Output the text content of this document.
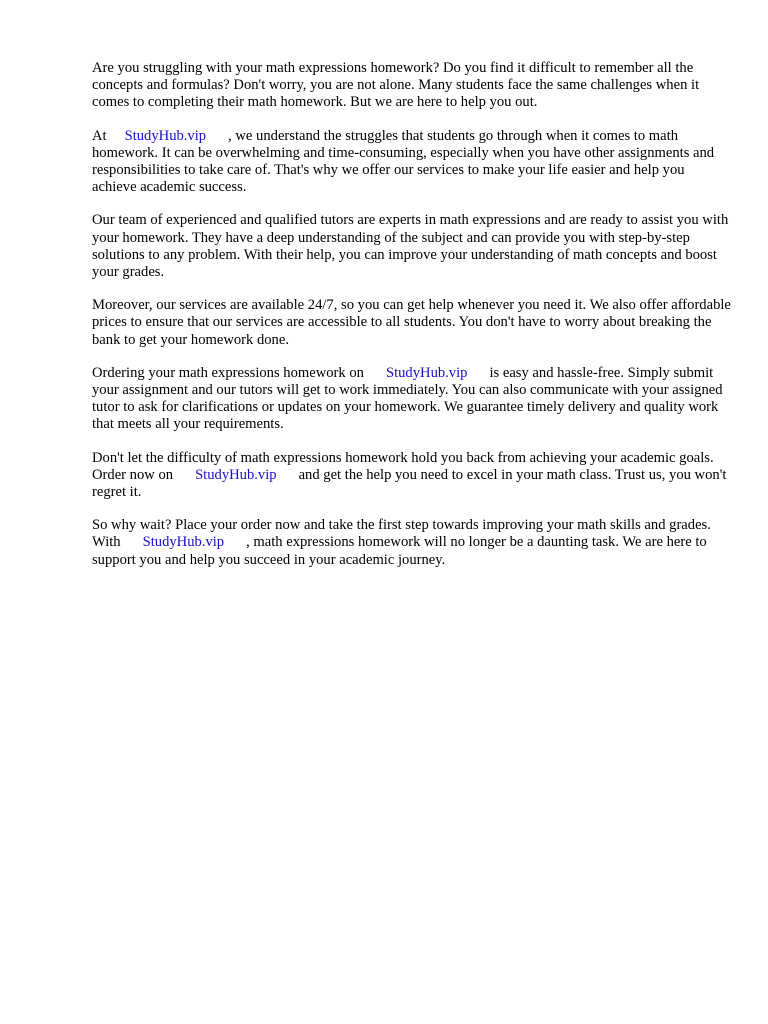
Are you struggling with your math expressions homework? Do you find it difficult to remember all the concepts and formulas? Don't worry, you are not alone. Many students face the same challenges when it comes to completing their math homework. But we are here to help you out.

At StudyHub.vip , we understand the struggles that students go through when it comes to math homework. It can be overwhelming and time-consuming, especially when you have other assignments and responsibilities to take care of. That's why we offer our services to make your life easier and help you achieve academic success.

Our team of experienced and qualified tutors are experts in math expressions and are ready to assist you with your homework. They have a deep understanding of the subject and can provide you with step-by-step solutions to any problem. With their help, you can improve your understanding of math concepts and boost your grades.

Moreover, our services are available 24/7, so you can get help whenever you need it. We also offer affordable prices to ensure that our services are accessible to all students. You don't have to worry about breaking the bank to get your homework done.

Ordering your math expressions homework on StudyHub.vip is easy and hassle-free. Simply submit your assignment and our tutors will get to work immediately. You can also communicate with your assigned tutor to ask for clarifications or updates on your homework. We guarantee timely delivery and quality work that meets all your requirements.

Don't let the difficulty of math expressions homework hold you back from achieving your academic goals. Order now on StudyHub.vip and get the help you need to excel in your math class. Trust us, you won't regret it.

So why wait? Place your order now and take the first step towards improving your math skills and grades. With StudyHub.vip , math expressions homework will no longer be a daunting task. We are here to support you and help you succeed in your academic journey.
